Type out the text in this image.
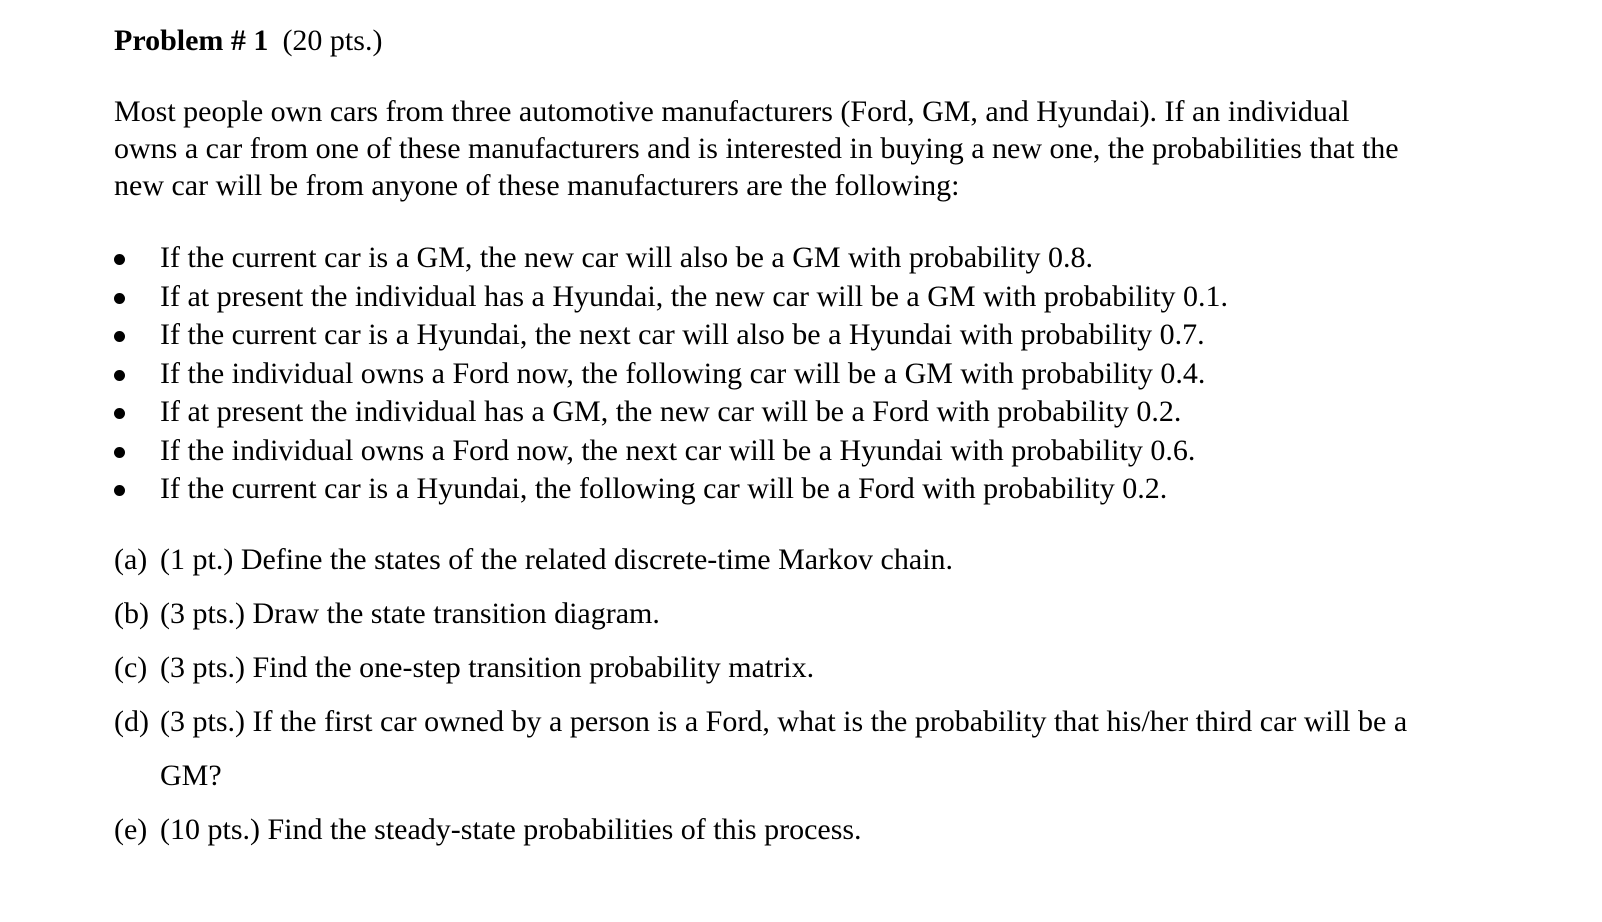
Problem # 1 (20 pts.)
Most people own cars from three automotive manufacturers (Ford, GM, and Hyundai). If an individual
owns a car from one of these manufacturers and is interested in buying a new one, the probabilities that the
new car will be from anyone of these manufacturers are the following:
If the current car is a GM, the new car will also be a GM with probability 0.8.
If at present the individual has a Hyundai, the new car will be a GM with probability 0.1.
If the current car is a Hyundai, the next car will also be a Hyundai with probability 0.7.
If the individual owns a Ford now, the following car will be a GM with probability 0.4.
If at present the individual has a GM, the new car will be a Ford with probability 0.2.
If the individual owns a Ford now, the next car will be a Hyundai with probability 0.6.
If the current car is a Hyundai, the following car will be a Ford with probability 0.2.
(a) (1 pt.) Define the states of the related discrete-time Markov chain.
(b) (3 pts.) Draw the state transition diagram.
(c) (3 pts.) Find the one-step transition probability matrix.
(d) (3 pts.) If the first car owned by a person is a Ford, what is the probability that his/her third car will be a
GM?
(e) (10 pts.) Find the steady-state probabilities of this process.
